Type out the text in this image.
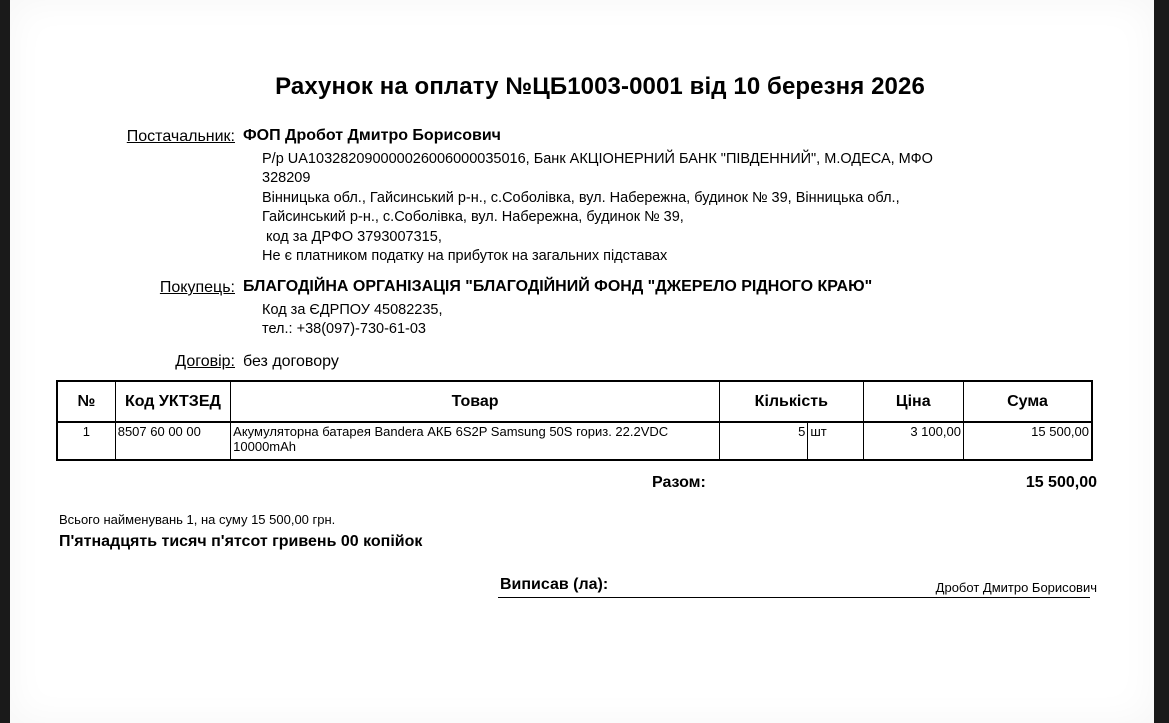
Рахунок на оплату №ЦБ1003-0001 від 10 березня 2026
Постачальник: ФОП Дробот Дмитро Борисович
Р/р UA103282090000026006000035016, Банк АКЦІОНЕРНИЙ БАНК "ПІВДЕННИЙ", М.ОДЕСА, МФО
328209
Вінницька обл., Гайсинський р-н., с.Соболівка, вул. Набережна, будинок № 39, Вінницька обл.,
Гайсинський р-н., с.Соболівка, вул. Набережна, будинок № 39,
код за ДРФО 3793007315,
Не є платником податку на прибуток на загальних підставах
Покупець: БЛАГОДІЙНА ОРГАНІЗАЦІЯ "БЛАГОДІЙНИЙ ФОНД "ДЖЕРЕЛО РІДНОГО КРАЮ"
Код за ЄДРПОУ 45082235,
тел.: +38(097)-730-61-03
Договір: без договору
№	Код УКТЗЕД	Товар	Кількість		Ціна	Сума
1	8507 60 00 00	Акумуляторна батарея Bandera АКБ 6S2P Samsung 50S гориз. 22.2VDC 10000mAh	5	шт	3 100,00	15 500,00
Разом:	15 500,00
Всього найменувань 1, на суму 15 500,00 грн.
П'ятнадцять тисяч п'ятсот гривень 00 копійок
Виписав (ла):	Дробот Дмитро Борисович
